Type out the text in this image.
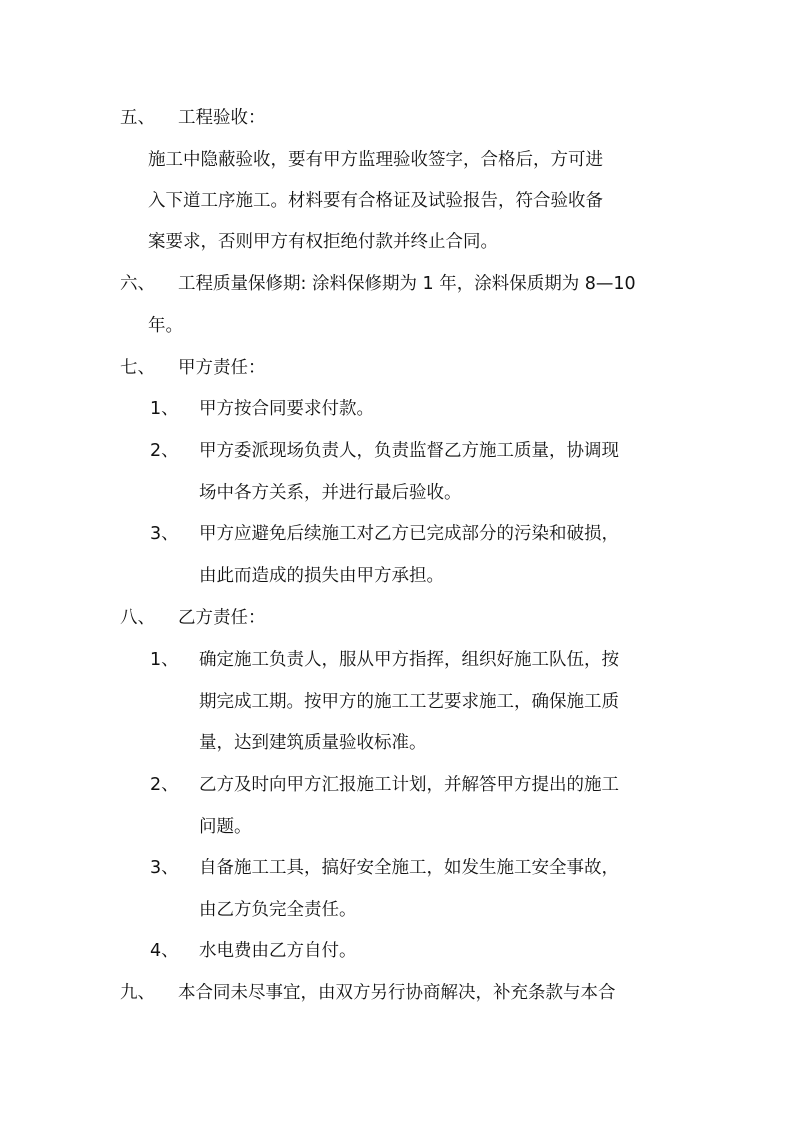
五、 工程验收：
施工中隐蔽验收，要有甲方监理验收签字，合格后，方可进
入下道工序施工。材料要有合格证及试验报告，符合验收备
案要求，否则甲方有权拒绝付款并终止合同。
六、 工程质量保修期: 涂料保修期为 1 年，涂料保质期为 8—10
年。
七、 甲方责任：
1、 甲方按合同要求付款。
2、 甲方委派现场负责人，负责监督乙方施工质量，协调现
场中各方关系，并进行最后验收。
3、 甲方应避免后续施工对乙方已完成部分的污染和破损，
由此而造成的损失由甲方承担。
八、 乙方责任：
1、 确定施工负责人，服从甲方指挥，组织好施工队伍，按
期完成工期。按甲方的施工工艺要求施工，确保施工质
量，达到建筑质量验收标准。
2、 乙方及时向甲方汇报施工计划，并解答甲方提出的施工
问题。
3、 自备施工工具，搞好安全施工，如发生施工安全事故，
由乙方负完全责任。
4、 水电费由乙方自付。
九、 本合同未尽事宜，由双方另行协商解决，补充条款与本合
